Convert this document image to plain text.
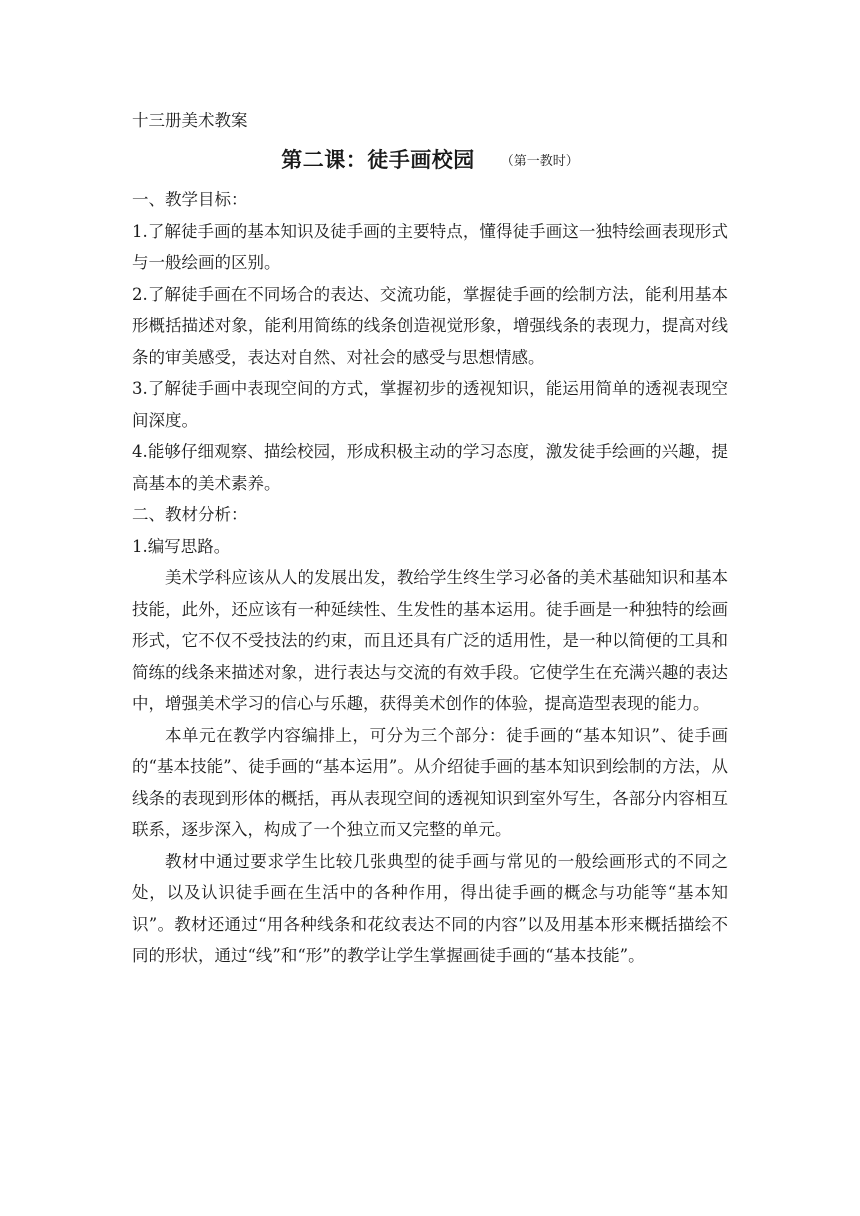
十三册美术教案
第二课：徒手画校园 （第一教时）

一、教学目标：

1.了解徒手画的基本知识及徒手画的主要特点，懂得徒手画这一独特绘画表现形式与一般绘画的区别。

2.了解徒手画在不同场合的表达、交流功能，掌握徒手画的绘制方法，能利用基本形概括描述对象，能利用简练的线条创造视觉形象，增强线条的表现力，提高对线条的审美感受，表达对自然、对社会的感受与思想情感。

3.了解徒手画中表现空间的方式，掌握初步的透视知识，能运用简单的透视表现空间深度。

4.能够仔细观察、描绘校园，形成积极主动的学习态度，激发徒手绘画的兴趣，提高基本的美术素养。

二、教材分析：

1.编写思路。

美术学科应该从人的发展出发，教给学生终生学习必备的美术基础知识和基本技能，此外，还应该有一种延续性、生发性的基本运用。徒手画是一种独特的绘画形式，它不仅不受技法的约束，而且还具有广泛的适用性，是一种以简便的工具和简练的线条来描述对象，进行表达与交流的有效手段。它使学生在充满兴趣的表达中，增强美术学习的信心与乐趣，获得美术创作的体验，提高造型表现的能力。

本单元在教学内容编排上，可分为三个部分：徒手画的“基本知识”、徒手画的“基本技能”、徒手画的“基本运用”。从介绍徒手画的基本知识到绘制的方法，从线条的表现到形体的概括，再从表现空间的透视知识到室外写生，各部分内容相互联系，逐步深入，构成了一个独立而又完整的单元。

教材中通过要求学生比较几张典型的徒手画与常见的一般绘画形式的不同之处，以及认识徒手画在生活中的各种作用，得出徒手画的概念与功能等“基本知识”。教材还通过“用各种线条和花纹表达不同的内容”以及用基本形来概括描绘不同的形状，通过“线”和“形”的教学让学生掌握画徒手画的“基本技能”。
